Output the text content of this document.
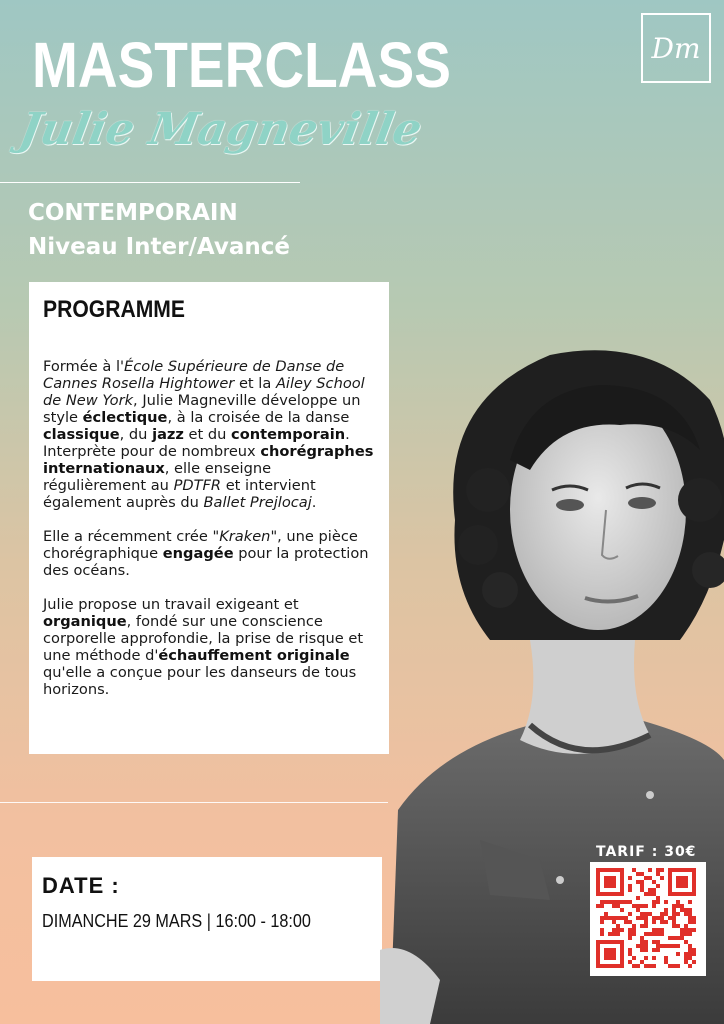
MASTERCLASS
Julie Magneville
Dm
CONTEMPORAIN
Niveau Inter/Avancé
PROGRAMME

Formée à l'École Supérieure de Danse de Cannes Rosella Hightower et la Ailey School de New York, Julie Magneville développe un style éclectique, à la croisée de la danse classique, du jazz et du contemporain. Interprète pour de nombreux chorégraphes internationaux, elle enseigne régulièrement au PDTFR et intervient également auprès du Ballet Prejlocaj.

Elle a récemment crée "Kraken", une pièce chorégraphique engagée pour la protection des océans.

Julie propose un travail exigeant et organique, fondé sur une conscience corporelle approfondie, la prise de risque et une méthode d'échauffement originale qu'elle a conçue pour les danseurs de tous horizons.

DATE :
DIMANCHE 29 MARS | 16:00 - 18:00
TARIF : 30€
